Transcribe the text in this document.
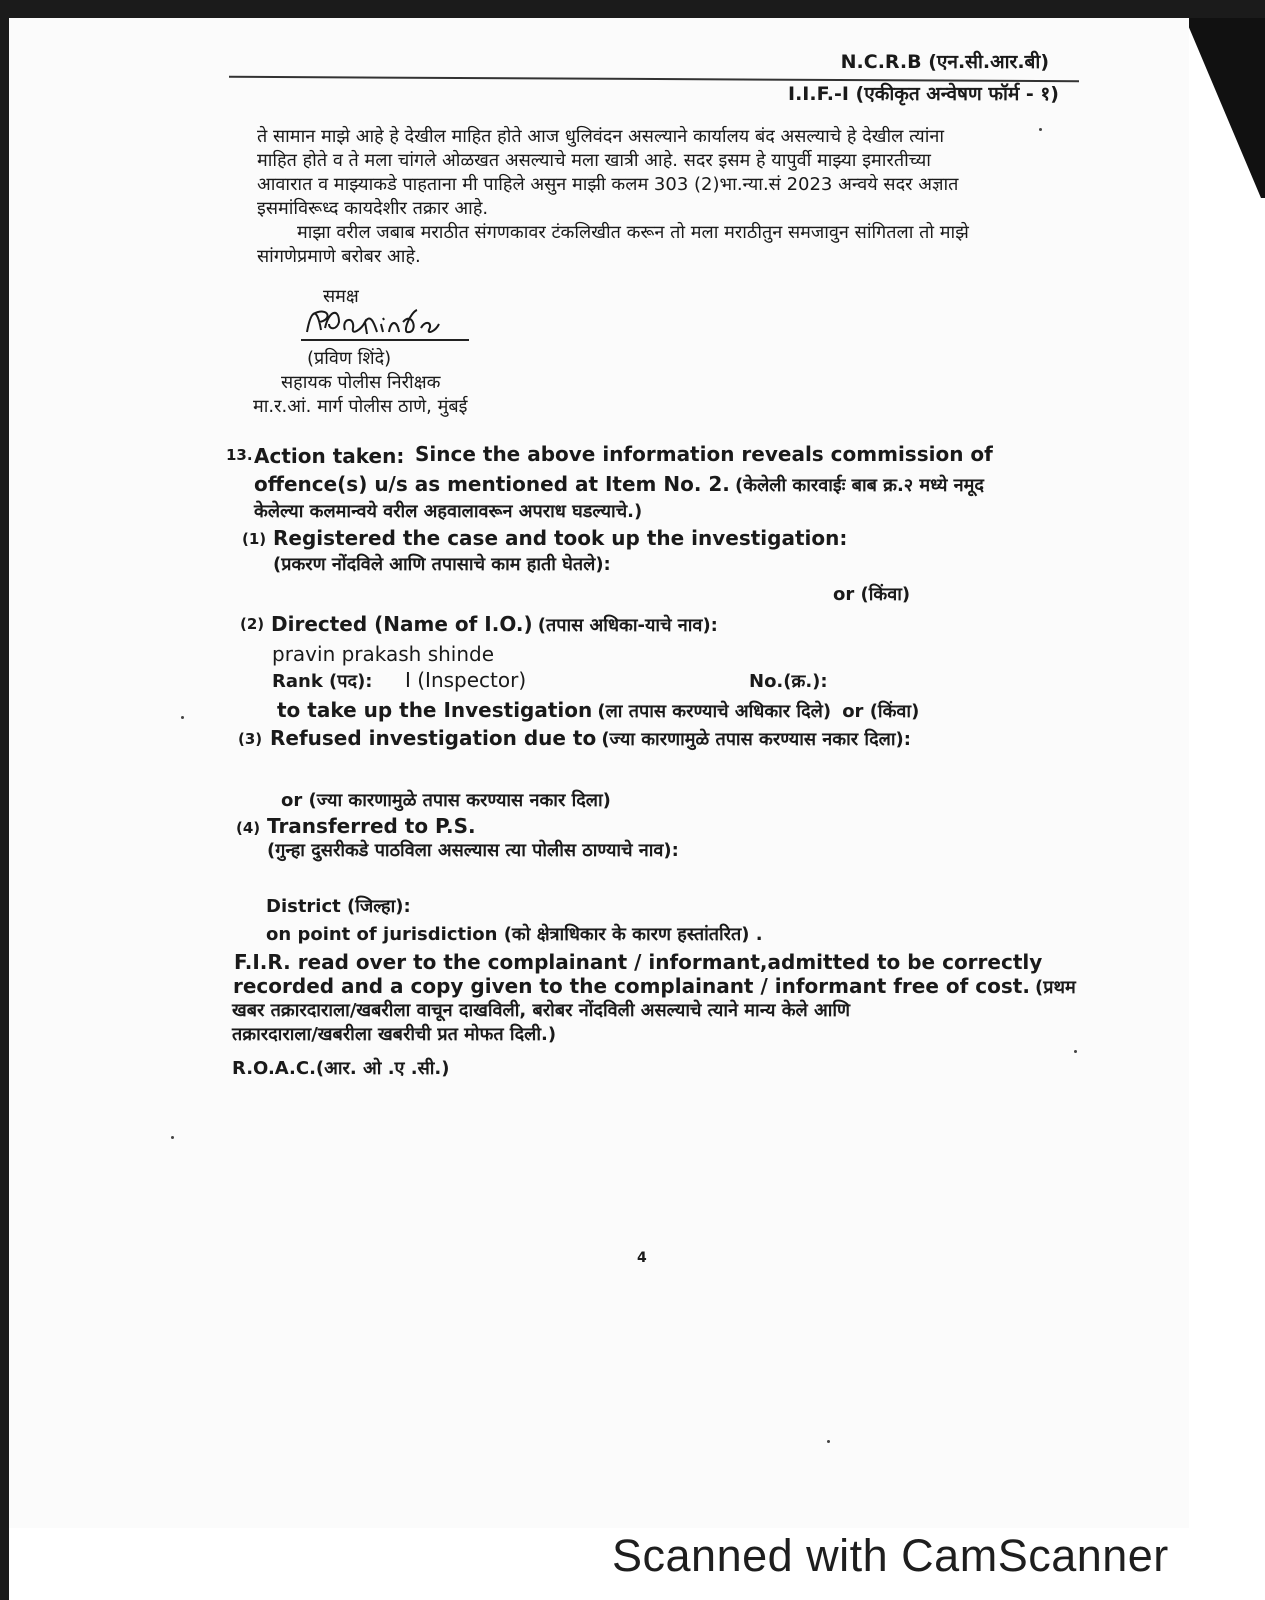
N.C.R.B (एन.सी.आर.बी)
I.I.F.-I (एकीकृत अन्वेषण फॉर्म - १)
ते सामान माझे आहे हे देखील माहित होते आज धुलिवंदन असल्याने कार्यालय बंद असल्याचे हे देखील त्यांना
माहित होते व ते मला चांगले ओळखत असल्याचे मला खात्री आहे. सदर इसम हे यापुर्वी माझ्या इमारतीच्या
आवारात व माझ्याकडे पाहताना मी पाहिले असुन माझी कलम 303 (2)भा.न्या.सं 2023 अन्वये सदर अज्ञात
इसमांविरूध्द कायदेशीर तक्रार आहे.
माझा वरील जबाब मराठीत संगणकावर टंकलिखीत करून तो मला मराठीतुन समजावुन सांगितला तो माझे
सांगणेप्रमाणे बरोबर आहे.
समक्ष
(प्रविण शिंदे)
सहायक पोलीस निरीक्षक
मा.र.आं. मार्ग पोलीस ठाणे, मुंबई
13. Action taken: Since the above information reveals commission of
offence(s) u/s as mentioned at Item No. 2. (केलेली कारवाईः बाब क्र.२ मध्ये नमूद
केलेल्या कलमान्वये वरील अहवालावरून अपराध घडल्याचे.)
(1) Registered the case and took up the investigation:
(प्रकरण नोंदविले आणि तपासाचे काम हाती घेतले):
or (किंवा)
(2) Directed (Name of I.O.) (तपास अधिका-याचे नाव):
pravin prakash shinde
Rank (पद): I (Inspector)	No.(क्र.):
to take up the Investigation (ला तपास करण्याचे अधिकार दिले) or (किंवा)
(3) Refused investigation due to (ज्या कारणामुळे तपास करण्यास नकार दिला):
or (ज्या कारणामुळे तपास करण्यास नकार दिला)
(4) Transferred to P.S.
(गुन्हा दुसरीकडे पाठविला असल्यास त्या पोलीस ठाण्याचे नाव):
District (जिल्हा):
on point of jurisdiction (को क्षेत्राधिकार के कारण हस्तांतरित) .
F.I.R. read over to the complainant / informant,admitted to be correctly
recorded and a copy given to the complainant / informant free of cost. (प्रथम
खबर तक्रारदाराला/खबरीला वाचून दाखविली, बरोबर नोंदविली असल्याचे त्याने मान्य केले आणि
तक्रारदाराला/खबरीला खबरीची प्रत मोफत दिली.)
R.O.A.C.(आर. ओ .ए .सी.)
4
Scanned with CamScanner
